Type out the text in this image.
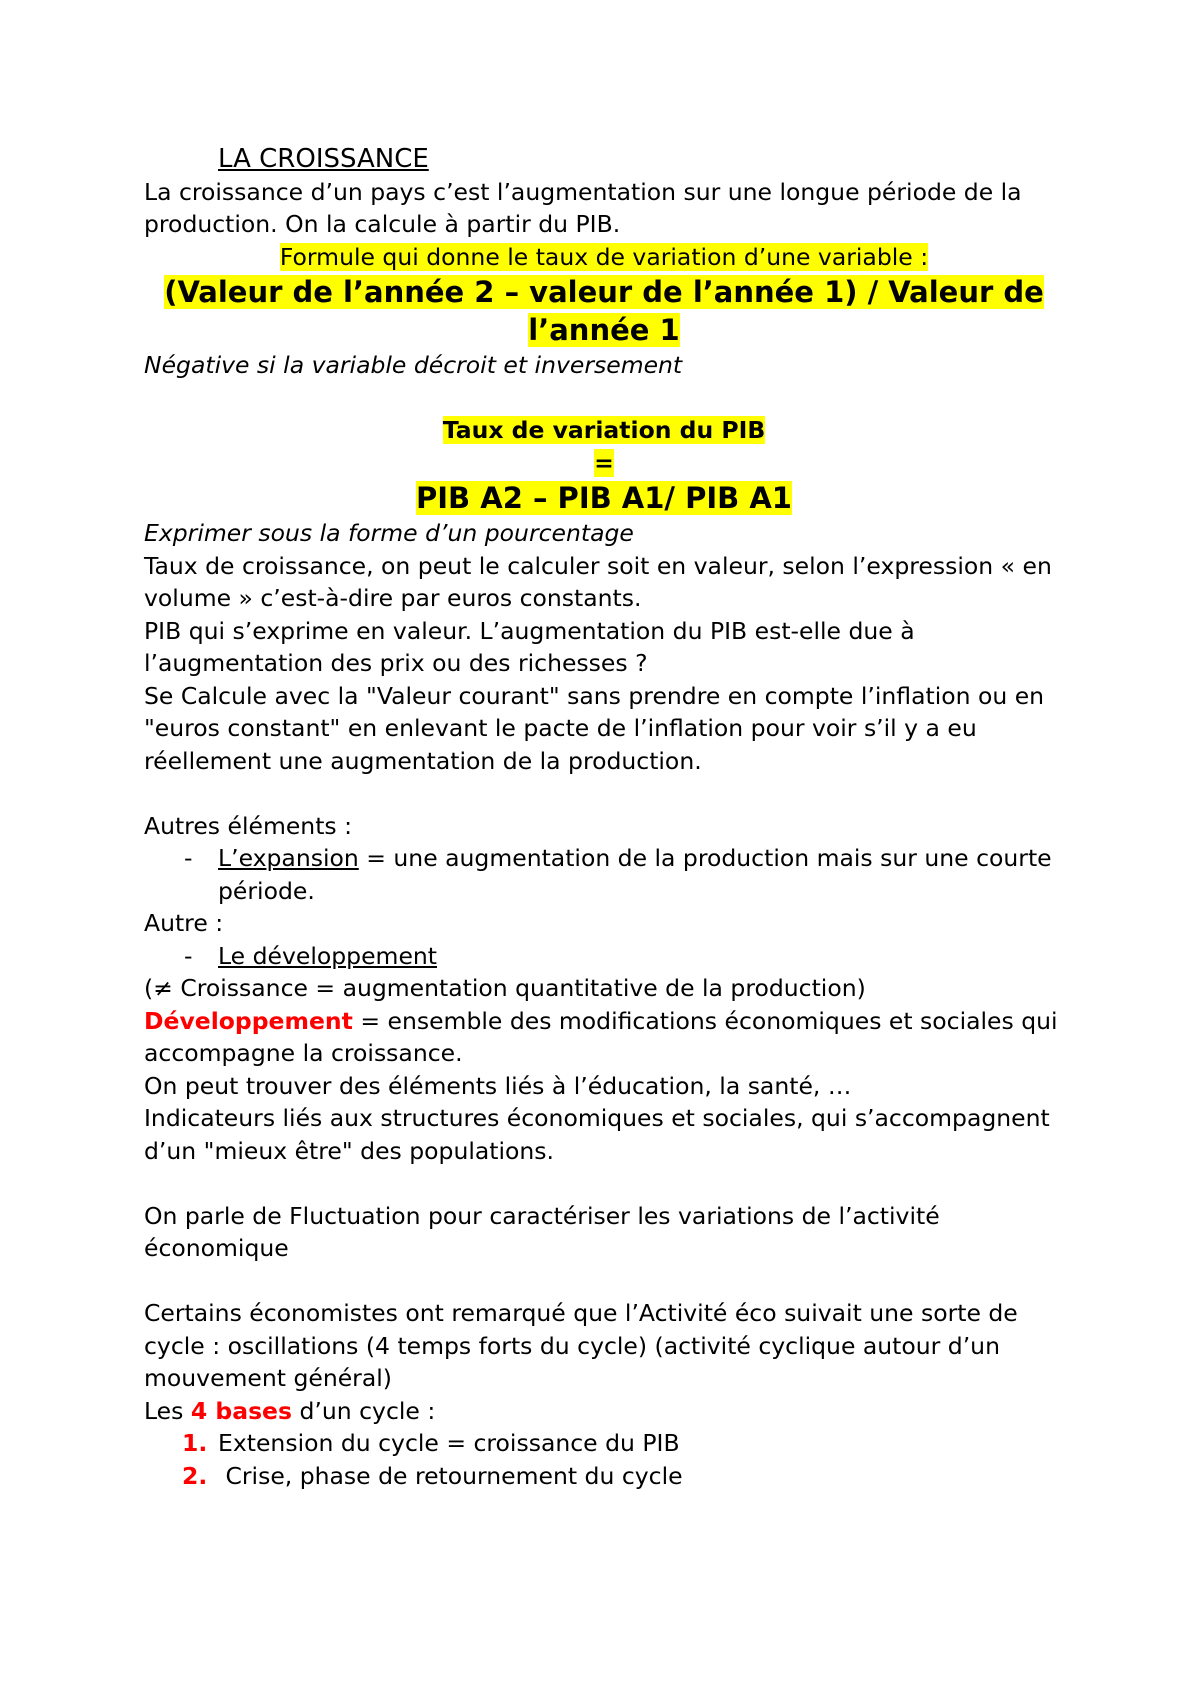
LA CROISSANCE

La croissance d’un pays c’est l’augmentation sur une longue période de la production. On la calcule à partir du PIB.

Formule qui donne le taux de variation d’une variable :

(Valeur de l’année 2 – valeur de l’année 1) / Valeur de

l’année 1

Négative si la variable décroit et inversement

Taux de variation du PIB

=

PIB A2 – PIB A1/ PIB A1

Exprimer sous la forme d’un pourcentage

Taux de croissance, on peut le calculer soit en valeur, selon l’expression « en volume » c’est-à-dire par euros constants.

PIB qui s’exprime en valeur. L’augmentation du PIB est-elle due à l’augmentation des prix ou des richesses ?

Se Calcule avec la "Valeur courant" sans prendre en compte l’inflation ou en "euros constant" en enlevant le pacte de l’inflation pour voir s’il y a eu réellement une augmentation de la production.

Autres éléments :

- L’expansion = une augmentation de la production mais sur une courte période.

Autre :

- Le développement

(≠ Croissance = augmentation quantitative de la production)

Développement = ensemble des modifications économiques et sociales qui accompagne la croissance.

On peut trouver des éléments liés à l’éducation, la santé, …

Indicateurs liés aux structures économiques et sociales, qui s’accompagnent d’un "mieux être" des populations.

On parle de Fluctuation pour caractériser les variations de l’activité économique

Certains économistes ont remarqué que l’Activité éco suivait une sorte de cycle : oscillations (4 temps forts du cycle) (activité cyclique autour d’un mouvement général)

Les 4 bases d’un cycle :

1. Extension du cycle = croissance du PIB
2. Crise, phase de retournement du cycle
